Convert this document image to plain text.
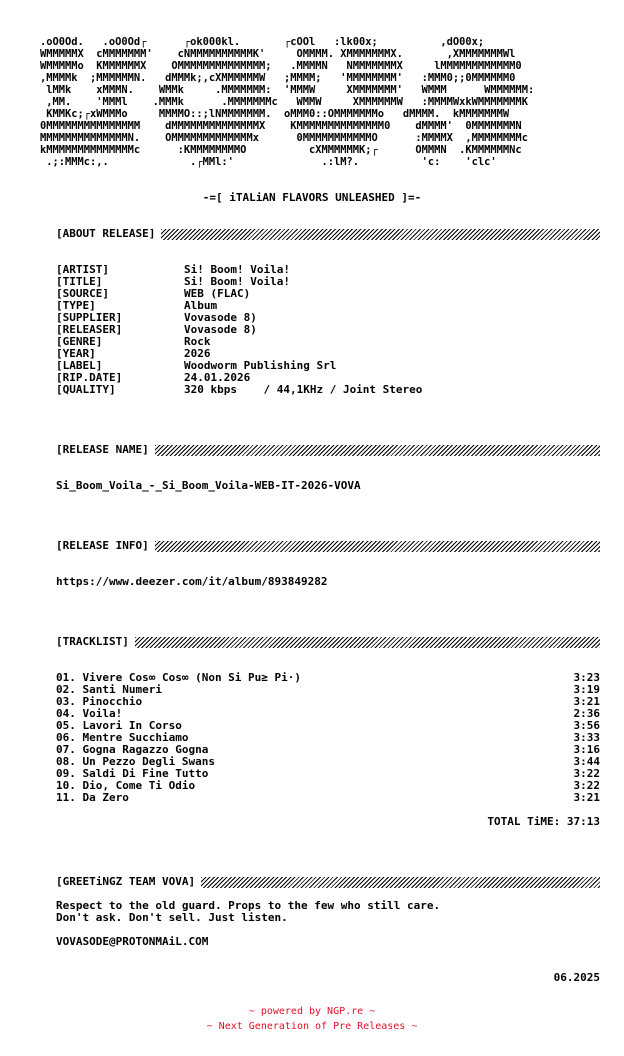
.oO0Od.   .oO0Od┌      ┌ok000kl.       ┌cOOl   :lk00x;          ,dO00x;
WMMMMMX  cMMMMMMM'    cNMMMMMMMMMMK'     OMMMM. XMMMMMMMX.       ,XMMMMMMMWl
WMMMMMo  KMMMMMMX    OMMMMMMMMMMMMMM;   .MMMMN   NMMMMMMMX     lMMMMMMMMMMMM0
,MMMMk  ;MMMMMMN.   dMMMk;,cXMMMMMMW   ;MMMM;   'MMMMMMMM'   :MMM0;;0MMMMMM0
lMMk    xMMMN.    WMMk     .MMMMMMM:  'MMMW     XMMMMMMM'   WMMM      WMMMMMM:
,MM.    'MMMl    .MMMk      .MMMMMMMc   WMMW     XMMMMMMW   :MMMMWxkWMMMMMMMK
KMMKc;┌xWMMMo     MMMMO::;lNMMMMMMM.  oMMM0::OMMMMMMMo   dMMMM.  kMMMMMMMW
0MMMMMMMMMMMMMMM    dMMMMMMMMMMMMMMX    KMMMMMMMMMMMMMM0    dMMMM'  0MMMMMMMN
MMMMMMMMMMMMMMN.    OMMMMMMMMMMMMMx      0MMMMMMMMMMMO      :MMMMX  ,MMMMMMMMc
kMMMMMMMMMMMMMMc      :KMMMMMMMMO          cXMMMMMMK;┌      OMMMN  .KMMMMMMNc
.;:MMMc:,.             .┌MMl:'              .:lM?.          'c:    'clc'
-=[ iTALiAN FLAVORS UNLEASHED ]=-
[ABOUT RELEASE]
[ARTIST]	Si! Boom! Voila!
[TITLE]	Si! Boom! Voila!
[SOURCE]	WEB (FLAC)
[TYPE]	Album
[SUPPLIER]	Vovasode 8)
[RELEASER]	Vovasode 8)
[GENRE]	Rock
[YEAR]	2026
[LABEL]	Woodworm Publishing Srl
[RIP.DATE]	24.01.2026
[QUALITY]	320 kbps    / 44,1KHz / Joint Stereo
[RELEASE NAME]
Si_Boom_Voila_-_Si_Boom_Voila-WEB-IT-2026-VOVA
[RELEASE INFO]
https://www.deezer.com/it/album/893849282
[TRACKLIST]
01. Vivere Cos∞ Cos∞ (Non Si Pu≥ Pi·)	3:23
02. Santi Numeri	3:19
03. Pinocchio	3:21
04. Voila!	2:36
05. Lavori In Corso	3:56
06. Mentre Succhiamo	3:33
07. Gogna Ragazzo Gogna	3:16
08. Un Pezzo Degli Swans	3:44
09. Saldi Di Fine Tutto	3:22
10. Dio, Come Ti Odio	3:22
11. Da Zero	3:21
TOTAL TiME: 37:13
[GREETiNGZ TEAM VOVA]
Respect to the old guard. Props to the few who still care.
Don't ask. Don't sell. Just listen.
VOVASODE@PROTONMAiL.COM
06.2025
~ powered by NGP.re ~
~ Next Generation of Pre Releases ~
